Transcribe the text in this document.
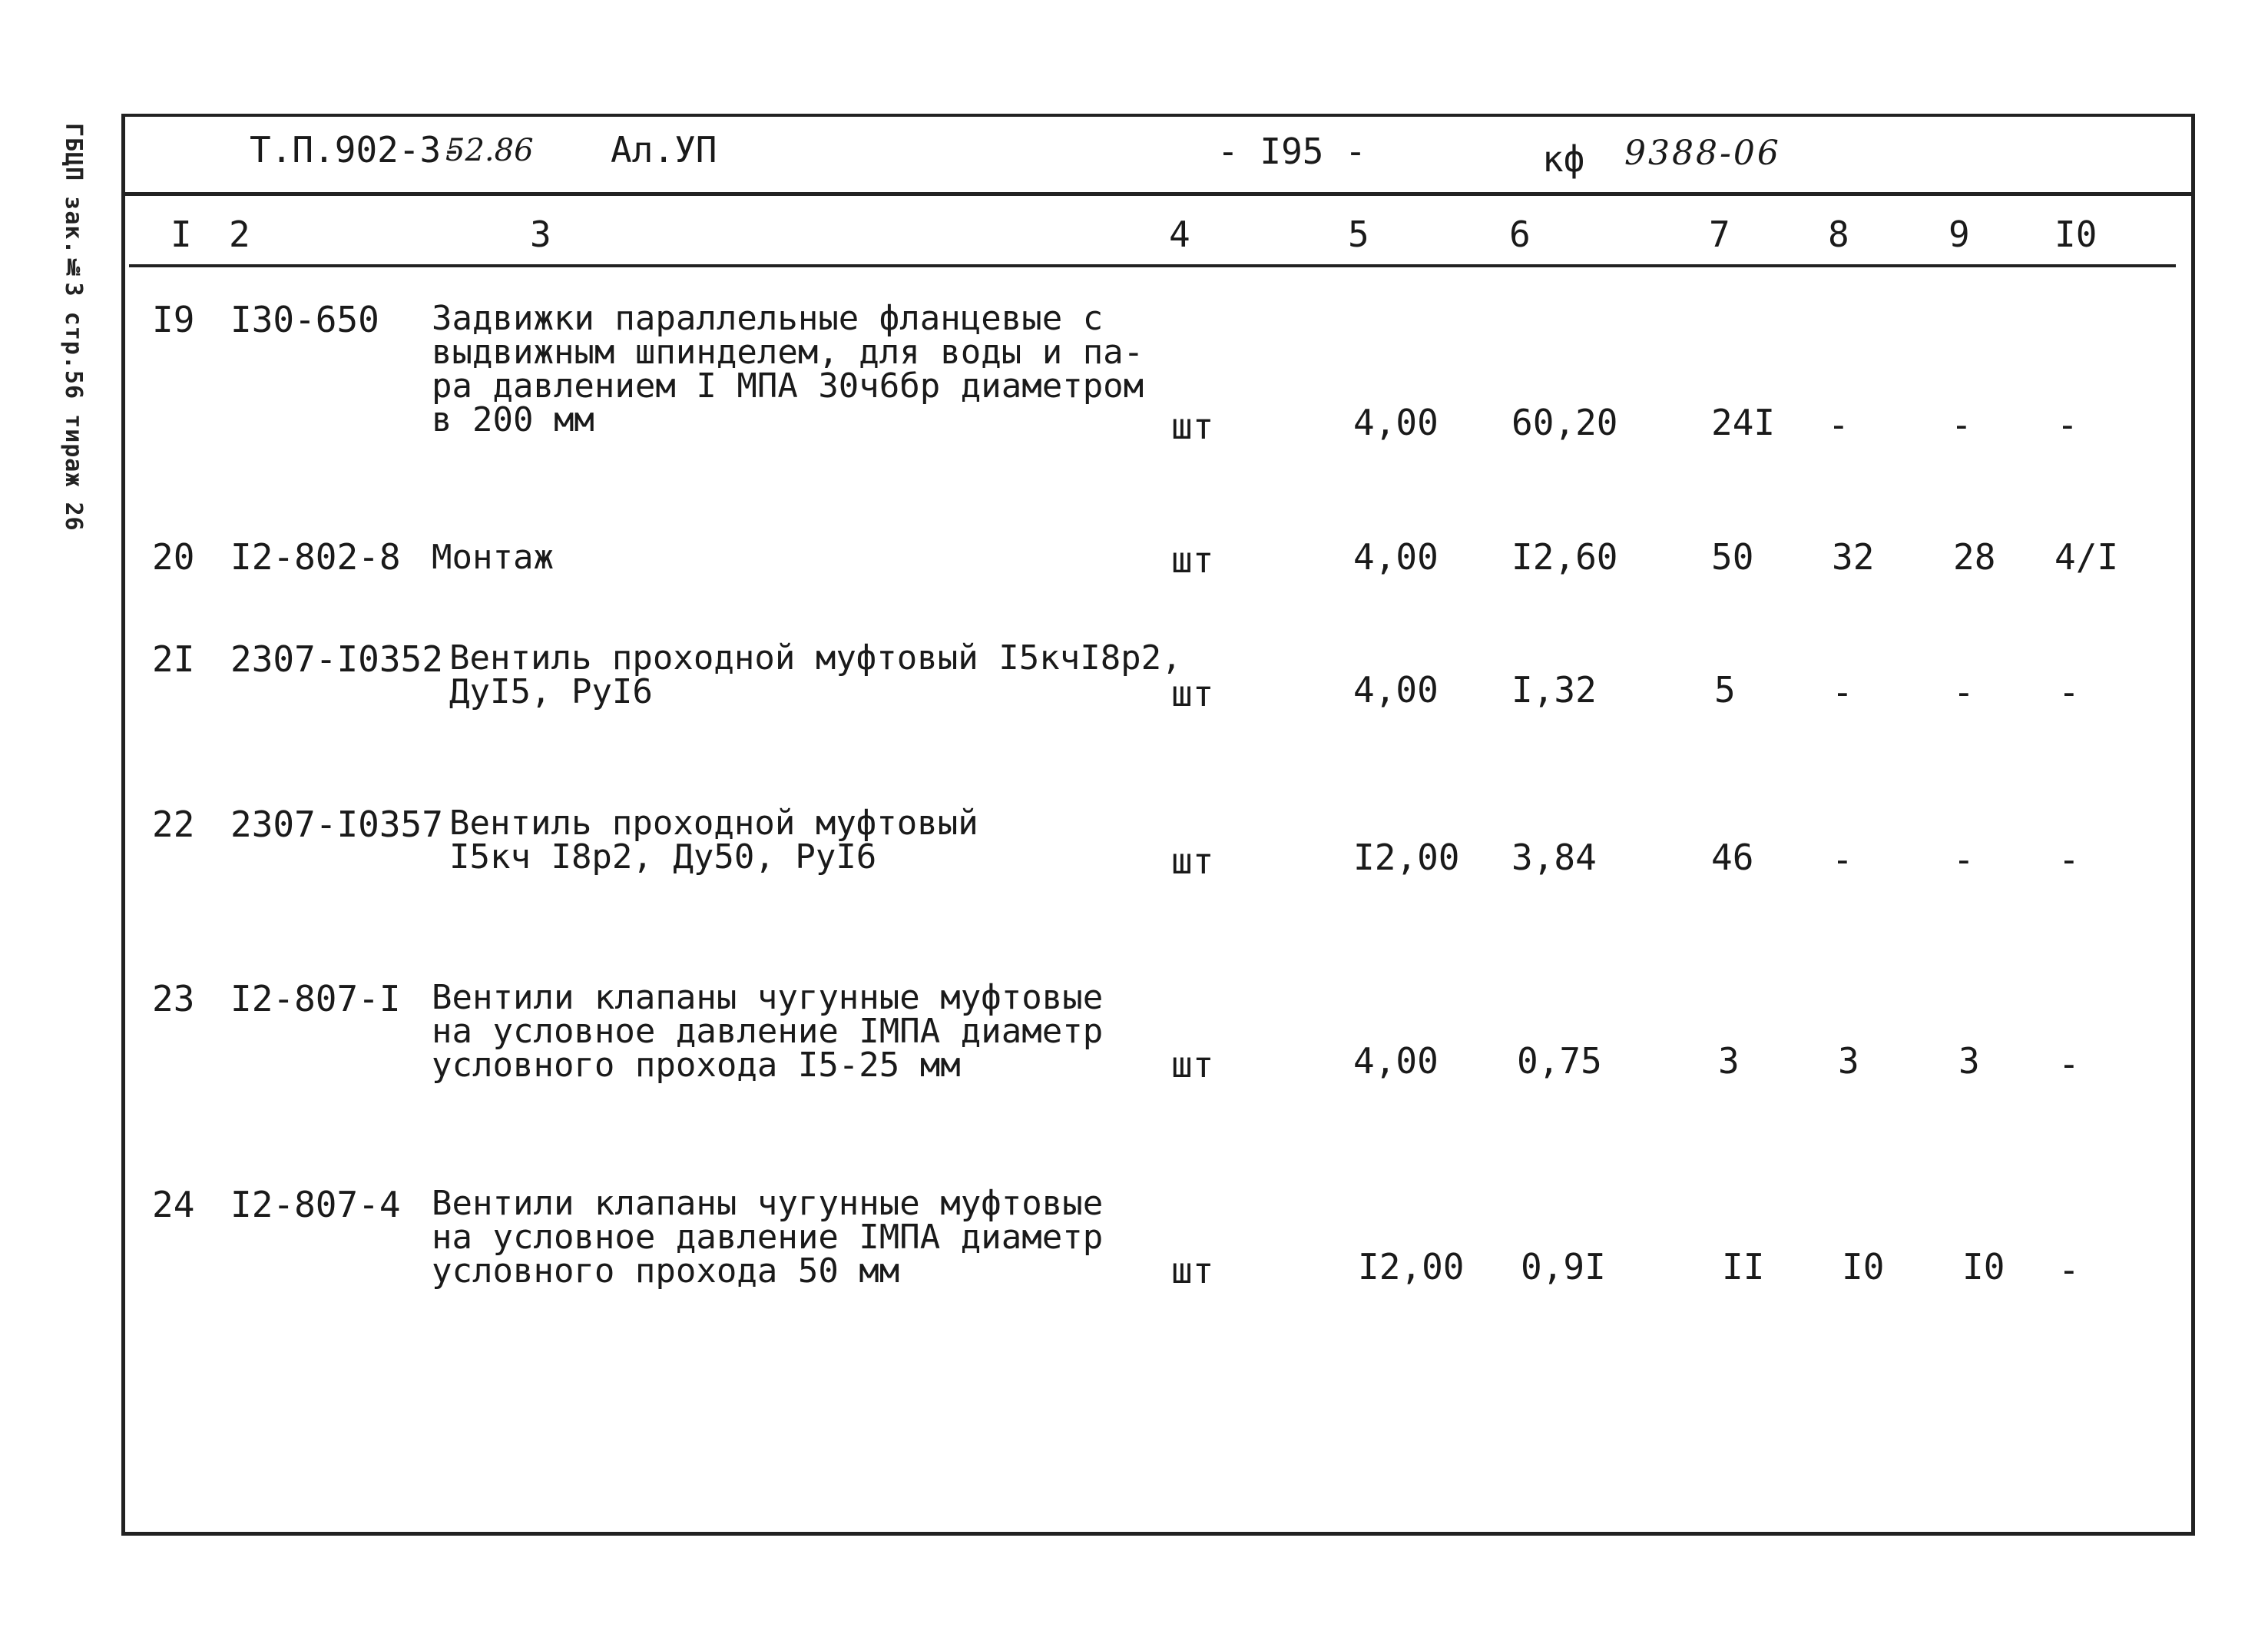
ГБЦП зак.№3 стр.56 тираж 26	Т.П.902-3-
52.86 Ал.УП	- I95 -	кф 9388-06
I 2	3	4	5	6	7	8	9 I0
I9 I30-650 Задвижки параллельные фланцевые с
выдвижным шпинделем, для воды и па-
ра давлением I МПА 30ч6бр диаметром
в 200 мм	шт	4,00 60,20	24I -	- -
20 I2-802-8 Монтаж	шт	4,00 I2,60	50 32 28 4/I
2I 2307-I0352 Вентиль проходной муфтовый I5кчI8р2,
ДуI5, РуI6	шт	4,00 I,32	5	-	- -
22 2307-I0357 Вентиль проходной муфтовый
I5кч I8р2, Ду50, РуI6	шт	I2,00 3,84	46 -	- -
23 I2-807-I Вентили клапаны чугунные муфтовые
на условное давление IМПА диаметр
условного прохода I5-25 мм	шт	4,00 0,75	3	3	3 -
24 I2-807-4 Вентили клапаны чугунные муфтовые
на условное давление IМПА диаметр
условного прохода 50 мм	шт	I2,00 0,9I	II I0 I0 -
